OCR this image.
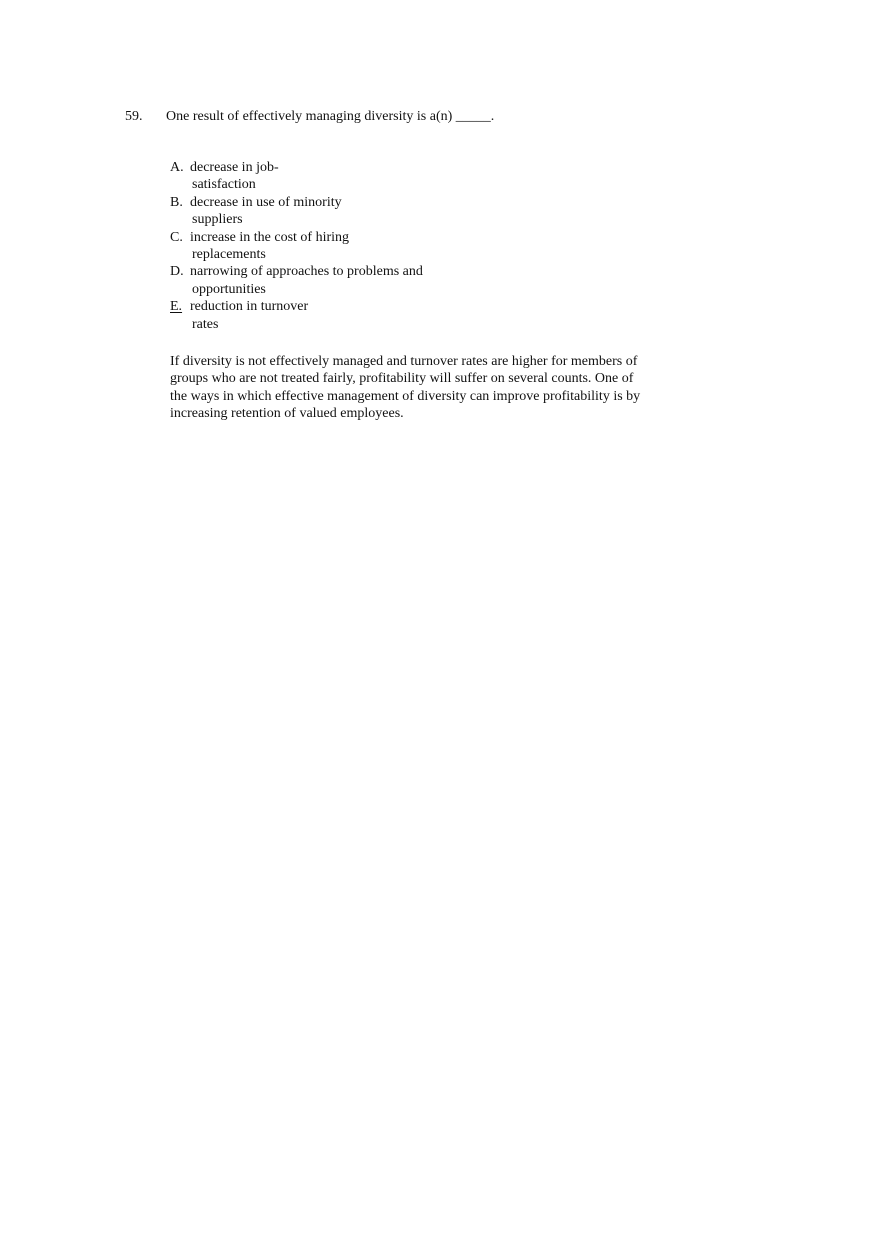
59. One result of effectively managing diversity is a(n) _____.
A. decrease in job-
satisfaction
B. decrease in use of minority
suppliers
C. increase in the cost of hiring
replacements
D. narrowing of approaches to problems and
opportunities
E. reduction in turnover
rates

If diversity is not effectively managed and turnover rates are higher for members of

groups who are not treated fairly, profitability will suffer on several counts. One of

the ways in which effective management of diversity can improve profitability is by

increasing retention of valued employees.
